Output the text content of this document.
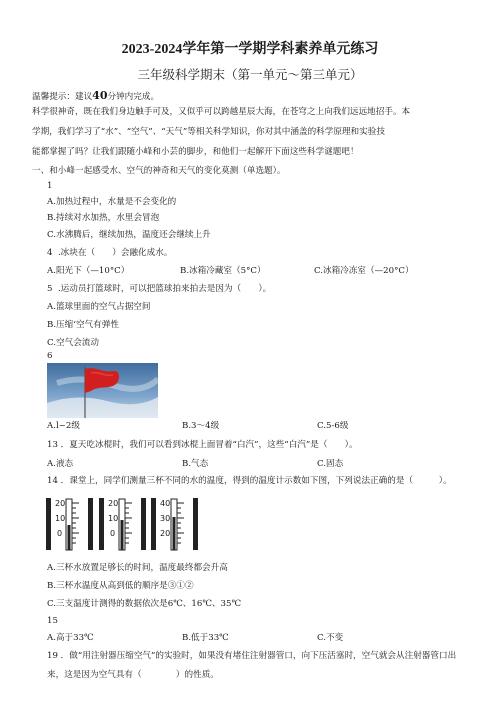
2023-2024学年第一学期学科素养单元练习
三年级科学期末（第一单元～第三单元）
温馨提示：建议40分钟内完成。
科学很神奇，既在我们身边触手可及，又似乎可以跨越星辰大海，在苍穹之上向我们远远地招手。本
学期，我们学习了“水”、“空气”、“天气”等相关科学知识，你对其中涵盖的科学原理和实验技
能都掌握了吗？让我们跟随小峰和小芸的脚步，和他们一起解开下面这些科学谜题吧！
一、和小峰一起感受水、空气的神奇和天气的变化莫测（单选题）。
1
A.加热过程中，水量是不会变化的
B.持续对水加热，水里会冒泡
C.水沸腾后，继续加热，温度还会继续上升
4 .冰块在（　　）会融化成水。
A.阳光下（—10°C）	B.冰箱冷藏室（5°C）	C.冰箱冷冻室（—20°C）
5 .运动员打篮球时，可以把篮球拍来拍去是因为（　　）。
A.篮球里面的空气占据空间
B.压缩‘空气有弹性
C.空气会流动
6
A.l~2级	B.3～4级	C.5-6级
13 ．夏天吃冰棍时，我们可以看到冰棍上面冒着“白汽”，这些“白汽”是（　　）。
A.液态	B.气态	C.固态
14 ．课堂上，同学们测量三杯不同的水的温度，得到的温度计示数如下图，下列说法正确的是（　　　）。
20
10
0
20
10
0
40
30
20
A.三杯水放置足够长的时间，温度最终都会升高
B.三杯水温度从高到低的顺序是③①②
C.三支温度计测得的数据依次是6℃、16℃、35℃
15
A.高于33℃	B.低于33℃	C.不变
19 ．做“用注射器压缩空气”的实验时，如果没有堵住注射器管口，向下压活塞时，空气就会从注射器管口出
来，这是因为空气具有（　　　　）的性质。
